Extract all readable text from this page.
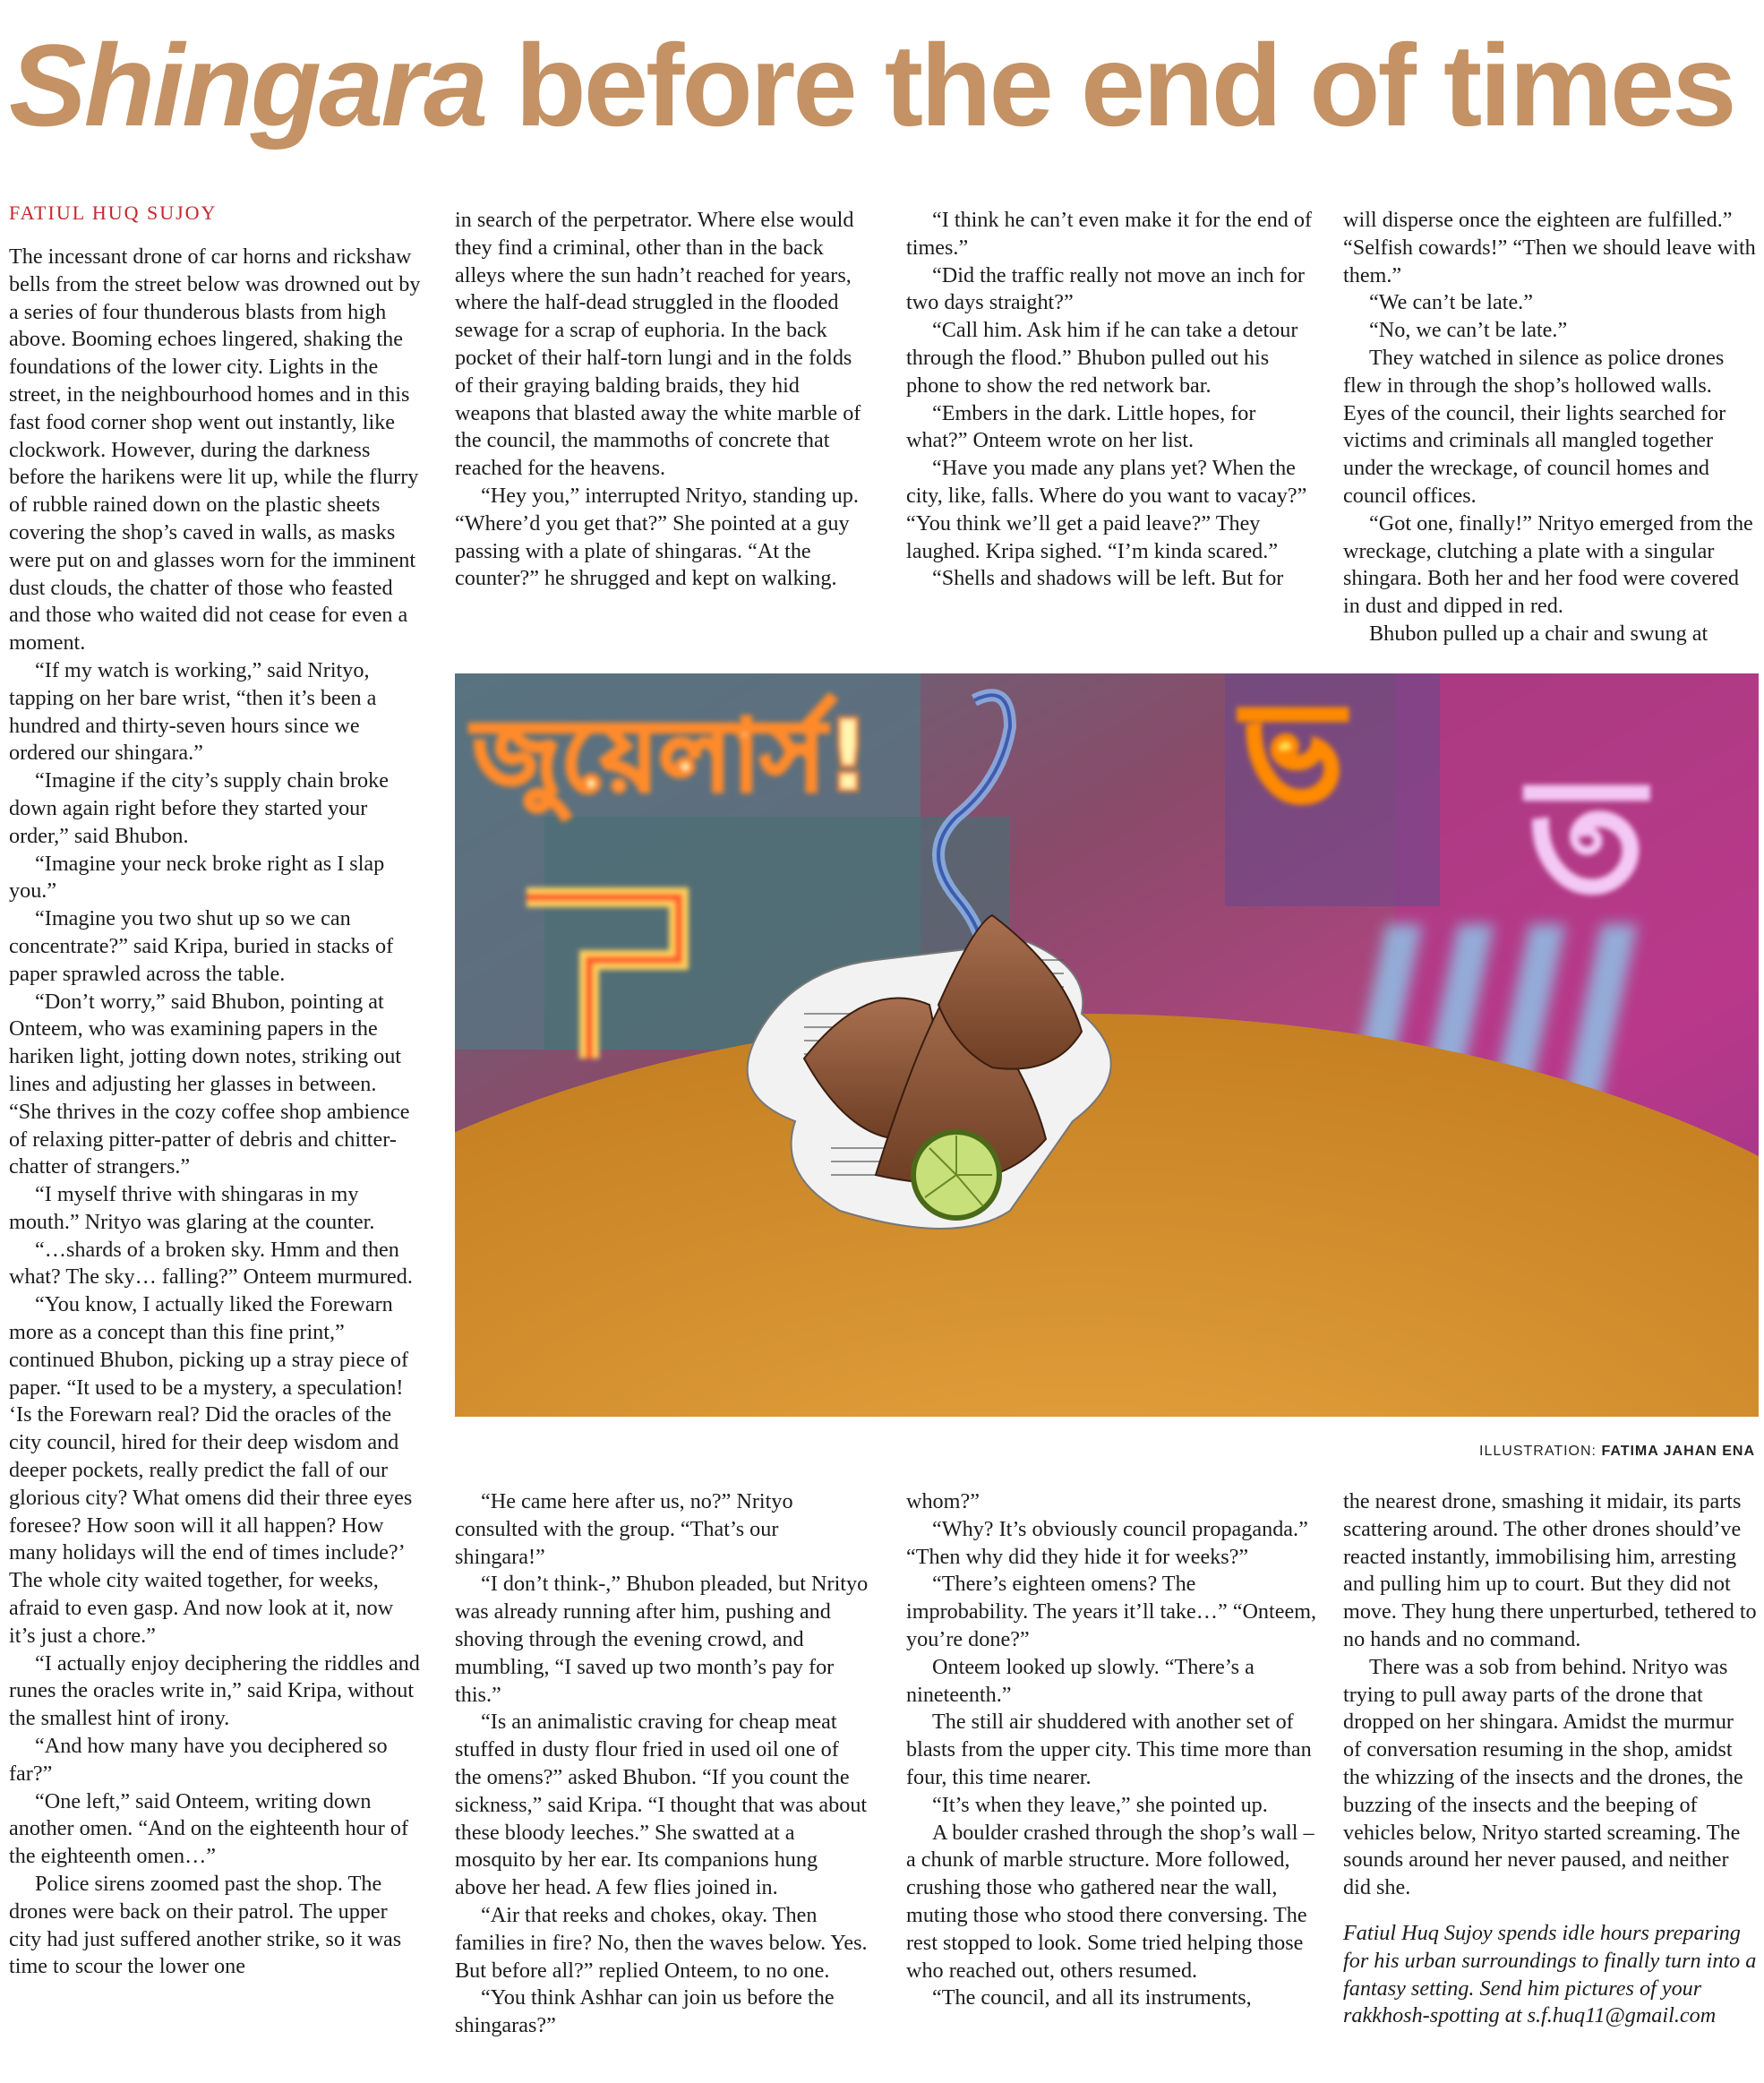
Shingara before the end of times
FATIUL HUQ SUJOY

The incessant drone of car horns and rickshaw bells from the street below was drowned out by a series of four thunderous blasts from high above. Booming echoes lingered, shaking the foundations of the lower city. Lights in the street, in the neighbourhood homes and in this fast food corner shop went out instantly, like clockwork. However, during the darkness before the harikens were lit up, while the flurry of rubble rained down on the plastic sheets covering the shop’s caved in walls, as masks were put on and glasses worn for the imminent dust clouds, the chatter of those who feasted and those who waited did not cease for even a moment.

“If my watch is working,” said Nrityo, tapping on her bare wrist, “then it’s been a hundred and thirty-seven hours since we ordered our shingara.”

“Imagine if the city’s supply chain broke down again right before they started your order,” said Bhubon.

“Imagine your neck broke right as I slap you.”

“Imagine you two shut up so we can concentrate?” said Kripa, buried in stacks of paper sprawled across the table.

“Don’t worry,” said Bhubon, pointing at Onteem, who was examining papers in the hariken light, jotting down notes, striking out lines and adjusting her glasses in between. “She thrives in the cozy coffee shop ambience of relaxing pitter-patter of debris and chitter-chatter of strangers.”

“I myself thrive with shingaras in my mouth.” Nrityo was glaring at the counter.

“…shards of a broken sky. Hmm and then what? The sky… falling?” Onteem murmured.

“You know, I actually liked the Forewarn more as a concept than this fine print,” continued Bhubon, picking up a stray piece of paper. “It used to be a mystery, a speculation! ‘Is the Forewarn real? Did the oracles of the city council, hired for their deep wisdom and deeper pockets, really predict the fall of our glorious city? What omens did their three eyes foresee? How soon will it all happen? How many holidays will the end of times include?’ The whole city waited together, for weeks, afraid to even gasp. And now look at it, now it’s just a chore.”

“I actually enjoy deciphering the riddles and runes the oracles write in,” said Kripa, without the smallest hint of irony.

“And how many have you deciphered so far?”

“One left,” said Onteem, writing down another omen. “And on the eighteenth hour of the eighteenth omen…”

Police sirens zoomed past the shop. The drones were back on their patrol. The upper city had just suffered another strike, so it was time to scour the lower one

in search of the perpetrator. Where else would they find a criminal, other than in the back alleys where the sun hadn’t reached for years, where the half-dead struggled in the flooded sewage for a scrap of euphoria. In the back pocket of their half-torn lungi and in the folds of their graying balding braids, they hid weapons that blasted away the white marble of the council, the mammoths of concrete that reached for the heavens.

“Hey you,” interrupted Nrityo, standing up. “Where’d you get that?” She pointed at a guy passing with a plate of shingaras. “At the counter?” he shrugged and kept on walking.

“I think he can’t even make it for the end of times.”

“Did the traffic really not move an inch for two days straight?”

“Call him. Ask him if he can take a detour through the flood.” Bhubon pulled out his phone to show the red network bar.

“Embers in the dark. Little hopes, for what?” Onteem wrote on her list.

“Have you made any plans yet? When the city, like, falls. Where do you want to vacay?” “You think we’ll get a paid leave?” They laughed. Kripa sighed. “I’m kinda scared.”

“Shells and shadows will be left. But for

will disperse once the eighteen are fulfilled.” “Selfish cowards!” “Then we should leave with them.”

“We can’t be late.”

“No, we can’t be late.”

They watched in silence as police drones flew in through the shop’s hollowed walls. Eyes of the council, their lights searched for victims and criminals all mangled together under the wreckage, of council homes and council offices.

“Got one, finally!” Nrityo emerged from the wreckage, clutching a plate with a singular shingara. Both her and her food were covered in dust and dipped in red.

Bhubon pulled up a chair and swung at

জুয়েলার্স!	ভ ত
ILLUSTRATION: FATIMA JAHAN ENA

“He came here after us, no?” Nrityo consulted with the group. “That’s our shingara!”

“I don’t think-,” Bhubon pleaded, but Nrityo was already running after him, pushing and shoving through the evening crowd, and mumbling, “I saved up two month’s pay for this.”

“Is an animalistic craving for cheap meat stuffed in dusty flour fried in used oil one of the omens?” asked Bhubon. “If you count the sickness,” said Kripa. “I thought that was about these bloody leeches.” She swatted at a mosquito by her ear. Its companions hung above her head. A few flies joined in.

“Air that reeks and chokes, okay. Then families in fire? No, then the waves below. Yes. But before all?” replied Onteem, to no one.

“You think Ashhar can join us before the shingaras?”

whom?”

“Why? It’s obviously council propaganda.” “Then why did they hide it for weeks?”

“There’s eighteen omens? The improbability. The years it’ll take…” “Onteem, you’re done?”

Onteem looked up slowly. “There’s a nineteenth.”

The still air shuddered with another set of blasts from the upper city. This time more than four, this time nearer.

“It’s when they leave,” she pointed up.

A boulder crashed through the shop’s wall – a chunk of marble structure. More followed, crushing those who gathered near the wall, muting those who stood there conversing. The rest stopped to look. Some tried helping those who reached out, others resumed.

“The council, and all its instruments,

the nearest drone, smashing it midair, its parts scattering around. The other drones should’ve reacted instantly, immobilising him, arresting and pulling him up to court. But they did not move. They hung there unperturbed, tethered to no hands and no command.

There was a sob from behind. Nrityo was trying to pull away parts of the drone that dropped on her shingara. Amidst the murmur of conversation resuming in the shop, amidst the whizzing of the insects and the drones, the buzzing of the insects and the beeping of vehicles below, Nrityo started screaming. The sounds around her never paused, and neither did she.

Fatiul Huq Sujoy spends idle hours preparing for his urban surroundings to finally turn into a fantasy setting. Send him pictures of your rakkhosh-spotting at s.f.huq11@gmail.com
